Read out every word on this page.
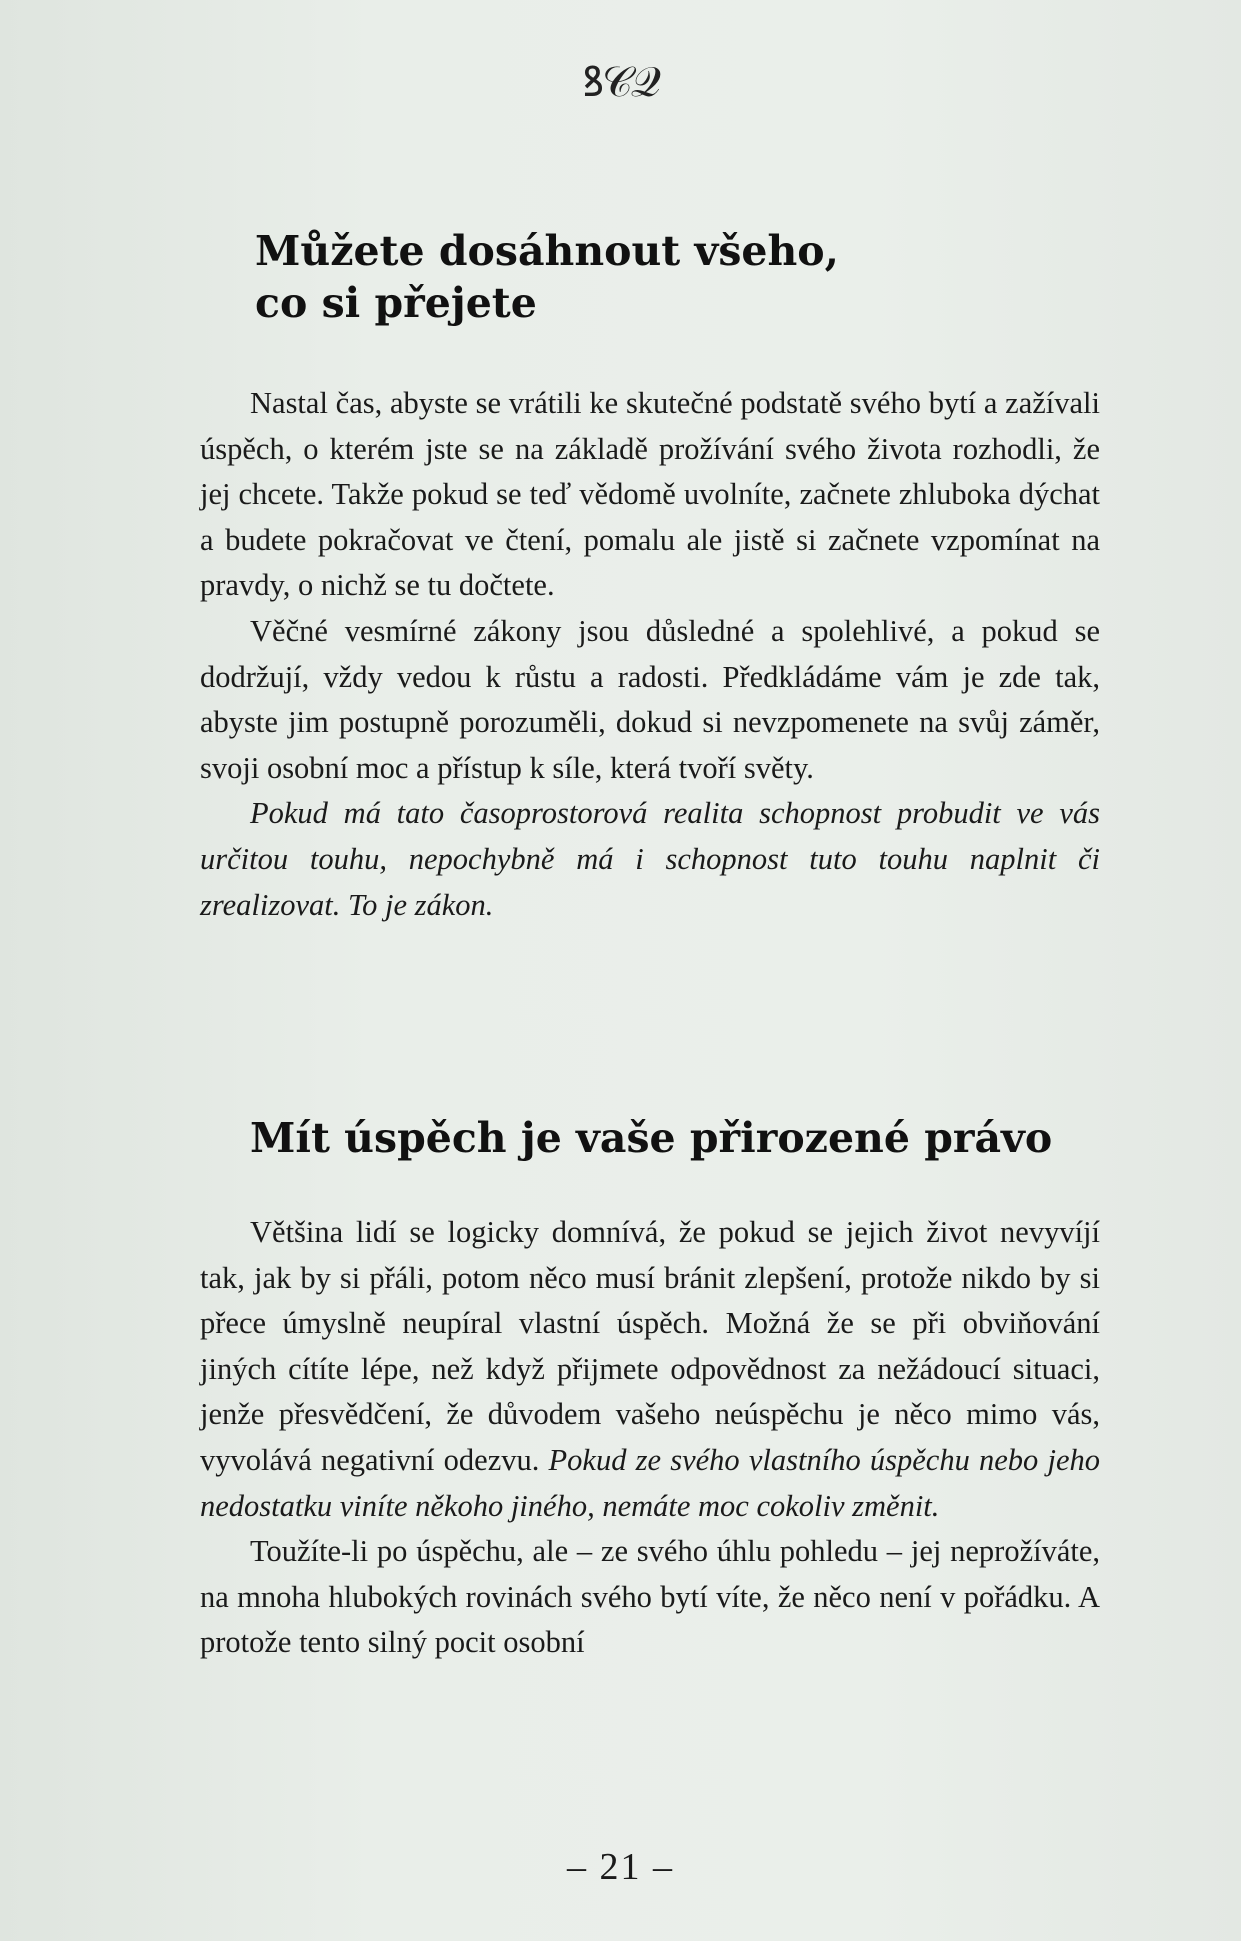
ꝸ𝒞𝒬
Můžete dosáhnout všeho,
co si přejete

Nastal čas, abyste se vrátili ke skutečné podstatě svého bytí a zažívali úspěch, o kterém jste se na základě prožívání svého života rozhodli, že jej chcete. Takže pokud se teď vědomě uvolníte, začnete zhluboka dýchat a budete pokračovat ve čtení, pomalu ale jistě si začnete vzpomínat na pravdy, o nichž se tu dočtete.

Věčné vesmírné zákony jsou důsledné a spolehlivé, a pokud se dodržují, vždy vedou k růstu a radosti. Předkládáme vám je zde tak, abyste jim postupně porozuměli, dokud si nevzpomenete na svůj záměr, svoji osobní moc a přístup k síle, která tvoří světy.

Pokud má tato časoprostorová realita schopnost probudit ve vás určitou touhu, nepochybně má i schopnost tuto touhu naplnit či zrealizovat. To je zákon.

Mít úspěch je vaše přirozené právo

Většina lidí se logicky domnívá, že pokud se jejich život nevyvíjí tak, jak by si přáli, potom něco musí bránit zlepšení, protože nikdo by si přece úmyslně neupíral vlastní úspěch. Možná že se při obviňování jiných cítíte lépe, než když přijmete odpovědnost za nežádoucí situaci, jenže přesvědčení, že důvodem vašeho neúspěchu je něco mimo vás, vyvolává negativní odezvu. Pokud ze svého vlastního úspěchu nebo jeho nedostatku viníte někoho jiného, nemáte moc cokoliv změnit.

Toužíte-li po úspěchu, ale – ze svého úhlu pohledu – jej neprožíváte, na mnoha hlubokých rovinách svého bytí víte, že něco není v pořádku. A protože tento silný pocit osobní

– 21 –
